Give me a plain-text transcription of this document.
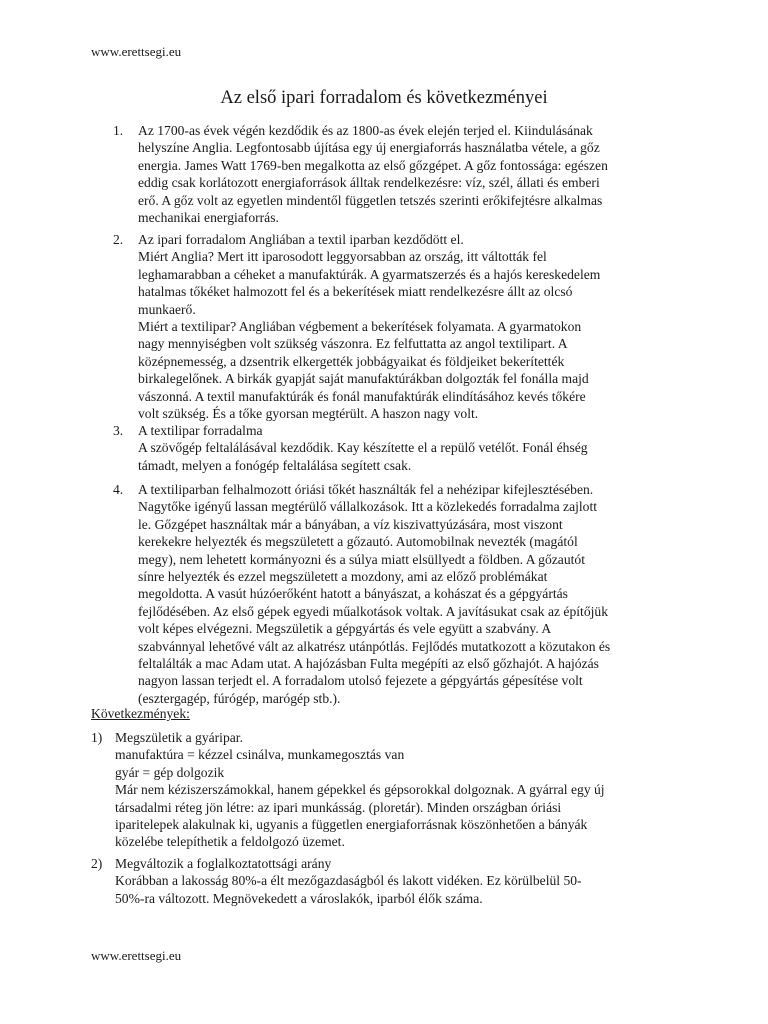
www.erettsegi.eu
Az első ipari forradalom és következményei
1. Az 1700-as évek végén kezdődik és az 1800-as évek elején terjed el. Kiindulásának
helyszíne Anglia. Legfontosabb újítása egy új energiaforrás használatba vétele, a gőz
energia. James Watt 1769-ben megalkotta az első gőzgépet. A gőz fontossága: egészen
eddig csak korlátozott energiaforrások álltak rendelkezésre: víz, szél, állati és emberi
erő. A gőz volt az egyetlen mindentől független tetszés szerinti erőkifejtésre alkalmas
mechanikai energiaforrás.
2. Az ipari forradalom Angliában a textil iparban kezdődött el.
Miért Anglia? Mert itt iparosodott leggyorsabban az ország, itt váltották fel
leghamarabban a céheket a manufaktúrák. A gyarmatszerzés és a hajós kereskedelem
hatalmas tőkéket halmozott fel és a bekerítések miatt rendelkezésre állt az olcsó
munkaerő.
Miért a textilipar? Angliában végbement a bekerítések folyamata. A gyarmatokon
nagy mennyiségben volt szükség vászonra. Ez felfuttatta az angol textilipart. A
középnemesség, a dzsentrik elkergették jobbágyaikat és földjeiket bekerítették
birkalegelőnek. A birkák gyapját saját manufaktúrákban dolgozták fel fonálla majd
vászonná. A textil manufaktúrák és fonál manufaktúrák elindításához kevés tőkére
volt szükség. És a tőke gyorsan megtérült. A haszon nagy volt.
3. A textilipar forradalma
A szövőgép feltalálásával kezdődik. Kay készítette el a repülő vetélőt. Fonál éhség
támadt, melyen a fonógép feltalálása segített csak.
4. A textiliparban felhalmozott óriási tőkét használták fel a nehézipar kifejlesztésében.
Nagytőke igényű lassan megtérülő vállalkozások. Itt a közlekedés forradalma zajlott
le. Gőzgépet használtak már a bányában, a víz kiszivattyúzására, most viszont
kerekekre helyezték és megszületett a gőzautó. Automobilnak nevezték (magától
megy), nem lehetett kormányozni és a súlya miatt elsüllyedt a földben. A gőzautót
sínre helyezték és ezzel megszületett a mozdony, ami az előző problémákat
megoldotta. A vasút húzóerőként hatott a bányászat, a kohászat és a gépgyártás
fejlődésében. Az első gépek egyedi műalkotások voltak. A javításukat csak az építőjük
volt képes elvégezni. Megszületik a gépgyártás és vele együtt a szabvány. A
szabvánnyal lehetővé vált az alkatrész utánpótlás. Fejlődés mutatkozott a közutakon és
feltalálták a mac Adam utat. A hajózásban Fulta megépíti az első gőzhajót. A hajózás
nagyon lassan terjedt el. A forradalom utolsó fejezete a gépgyártás gépesítése volt
(esztergagép, fúrógép, marógép stb.).
Következmények:
1) Megszületik a gyáripar.
manufaktúra = kézzel csinálva, munkamegosztás van
gyár = gép dolgozik
Már nem kéziszerszámokkal, hanem gépekkel és gépsorokkal dolgoznak. A gyárral egy új
társadalmi réteg jön létre: az ipari munkásság. (ploretár). Minden országban óriási
iparitelepek alakulnak ki, ugyanis a független energiaforrásnak köszönhetően a bányák
közelébe telepíthetik a feldolgozó üzemet.
2) Megváltozik a foglalkoztatottsági arány
Korábban a lakosság 80%-a élt mezőgazdaságból és lakott vidéken. Ez körülbelül 50-
50%-ra változott. Megnövekedett a városlakók, iparból élők száma.
www.erettsegi.eu
